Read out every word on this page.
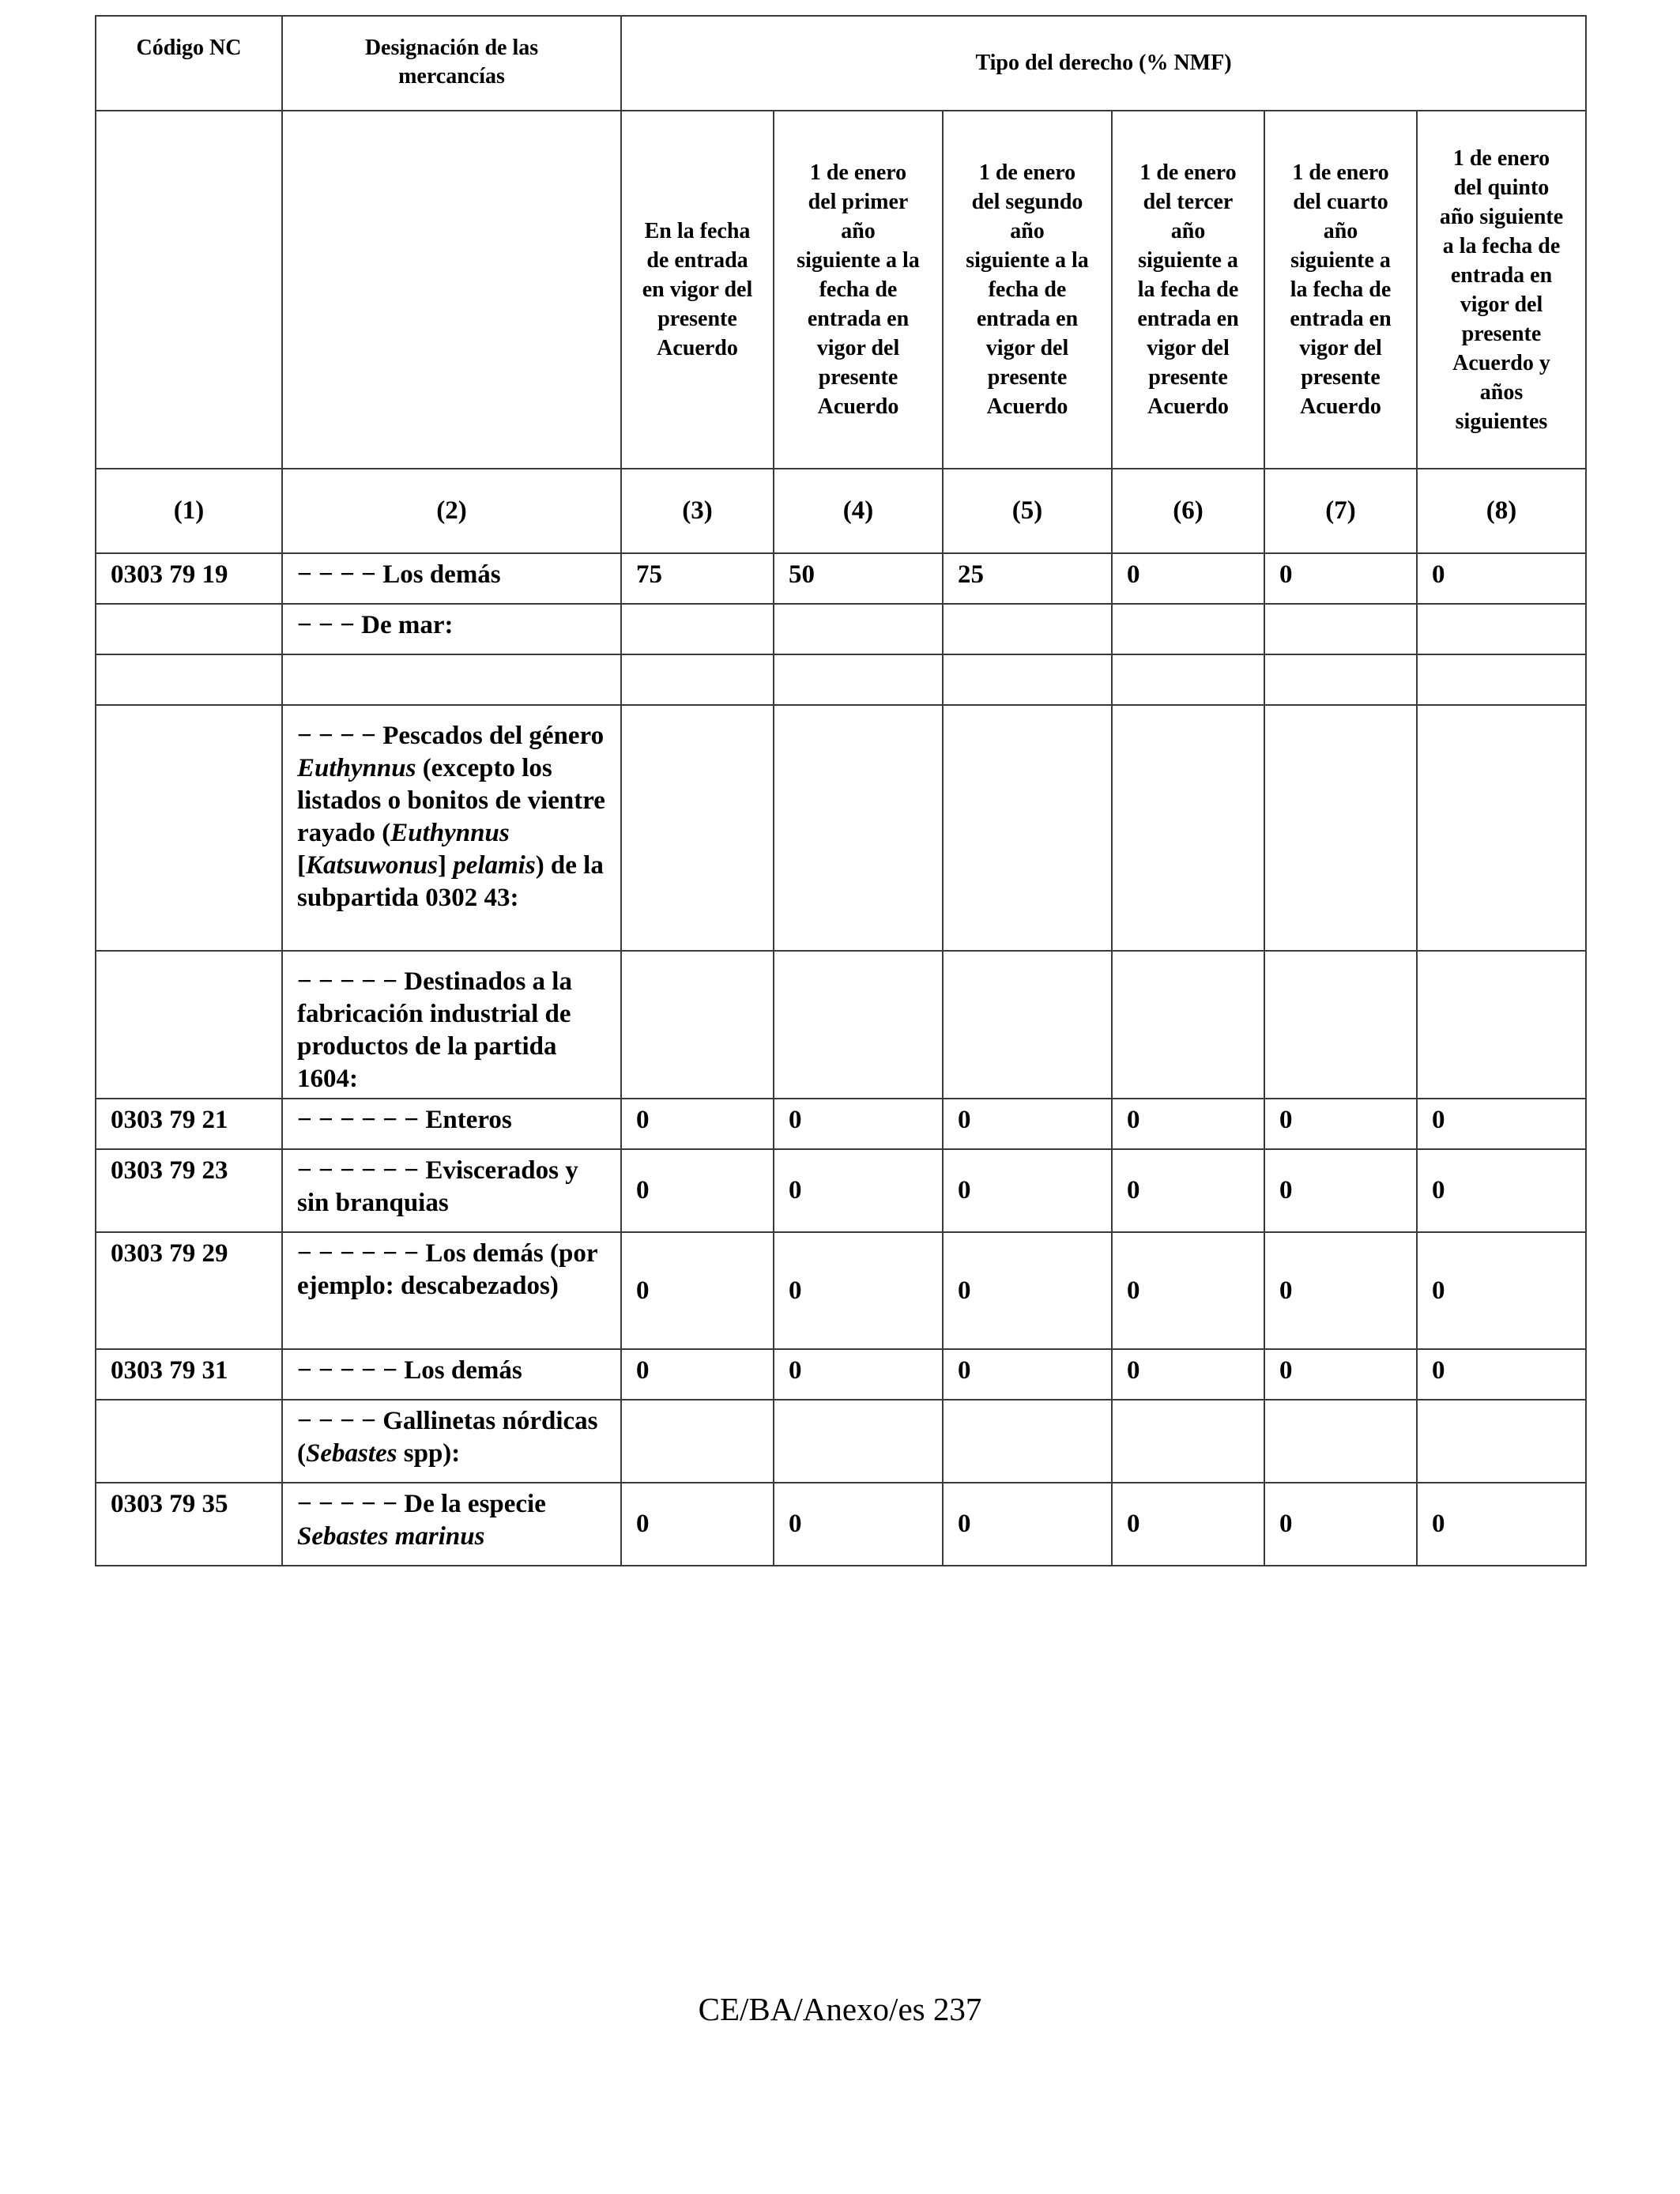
Código NC	Designación de las mercancías	Tipo del derecho (% NMF)					

		En la fecha de entrada en vigor del presente Acuerdo	1 de enero del primer año siguiente a la fecha de entrada en vigor del presente Acuerdo	1 de enero del segundo año siguiente a la fecha de entrada en vigor del presente Acuerdo	1 de enero del tercer año siguiente a la fecha de entrada en vigor del presente Acuerdo	1 de enero del cuarto año siguiente a la fecha de entrada en vigor del presente Acuerdo	1 de enero del quinto año siguiente a la fecha de entrada en vigor del presente Acuerdo y años siguientes

(1)	(2)	(3)	(4)	(5)	(6)	(7)	(8)
0303 79 19	− − − − Los demás	75	50	25	0	0	0
	− − − De mar:						

	− − − − Pescados del género Euthynnus (excepto los listados o bonitos de vientre rayado (Euthynnus [Katsuwonus] pelamis) de la subpartida 0302 43:						
	− − − − − Destinados a la fabricación industrial de productos de la partida 1604:						
0303 79 21	− − − − − − Enteros	0	0	0	0	0	0
0303 79 23	− − − − − − Eviscerados y sin branquias	0	0	0	0	0	0
0303 79 29	− − − − − − Los demás (por ejemplo: descabezados)	0	0	0	0	0	0
0303 79 31	− − − − − Los demás	0	0	0	0	0	0
	− − − − Gallinetas nórdicas (Sebastes spp):						
0303 79 35	− − − − − De la especie Sebastes marinus	0	0	0	0	0	0
CE/BA/Anexo/es 237
